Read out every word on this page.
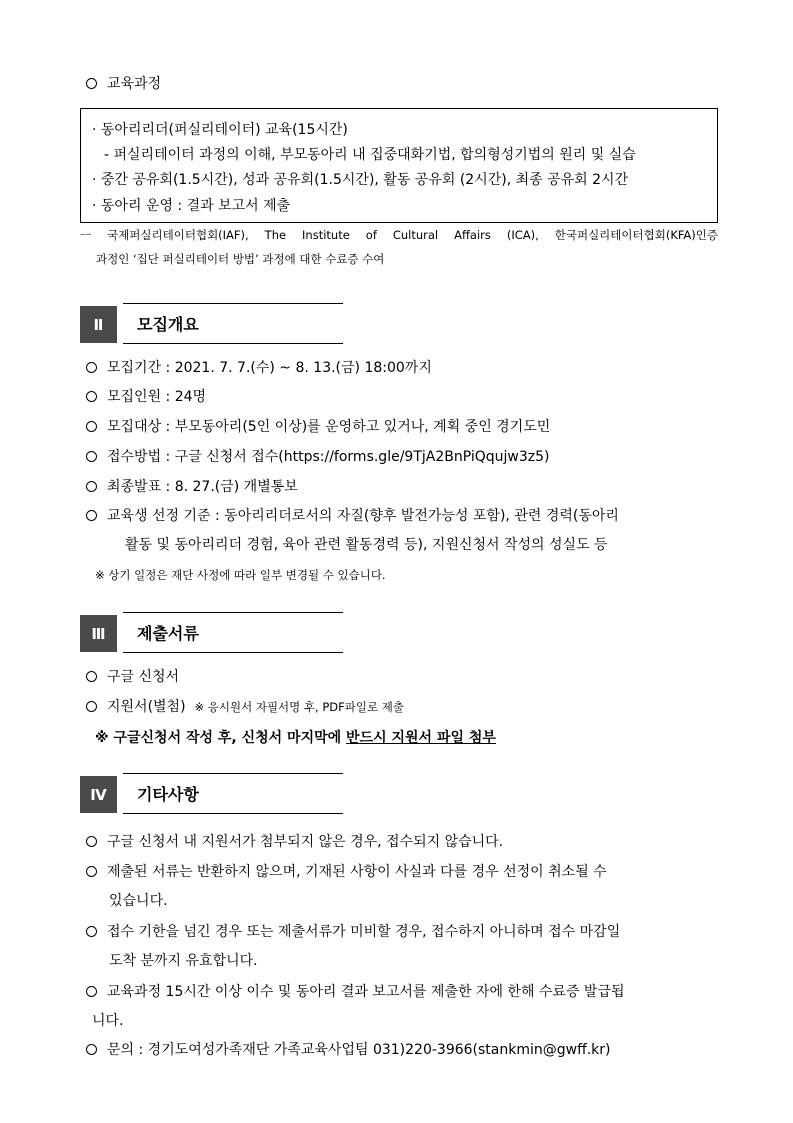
교육과정
· 동아리리더(퍼실리테이터) 교육(15시간)
- 퍼실리테이터 과정의 이해, 부모동아리 내 집중대화기법, 합의형성기법의 원리 및 실습
· 중간 공유회(1.5시간), 성과 공유회(1.5시간), 활동 공유회 (2시간), 최종 공유회 2시간
· 동아리 운영 : 결과 보고서 제출
ㅡ 국제퍼실리테이터협회(IAF), The Institute of Cultural Affairs (ICA), 한국퍼실리테이터협회(KFA)인증
과정인 ‘집단 퍼실리테이터 방법’ 과정에 대한 수료증 수여
Ⅱ	모집개요
모집기간 : 2021. 7. 7.(수) ~ 8. 13.(금) 18:00까지
모집인원 : 24명
모집대상 : 부모동아리(5인 이상)를 운영하고 있거나, 계획 중인 경기도민
접수방법 : 구글 신청서 접수(https://forms.gle/9TjA2BnPiQqujw3z5)
최종발표 : 8. 27.(금) 개별통보
교육생 선정 기준 : 동아리리더로서의 자질(향후 발전가능성 포함), 관련 경력(동아리
활동 및 동아리리더 경험, 육아 관련 활동경력 등), 지원신청서 작성의 성실도 등
※ 상기 일정은 재단 사정에 따라 일부 변경될 수 있습니다.
Ⅲ	제출서류
구글 신청서
지원서(별첨) ※ 응시원서 자필서명 후, PDF파일로 제출
※ 구글신청서 작성 후, 신청서 마지막에 반드시 지원서 파일 첨부
Ⅳ	기타사항
구글 신청서 내 지원서가 첨부되지 않은 경우, 접수되지 않습니다.
제출된 서류는 반환하지 않으며, 기재된 사항이 사실과 다를 경우 선정이 취소될 수
있습니다.
접수 기한을 넘긴 경우 또는 제출서류가 미비할 경우, 접수하지 아니하며 접수 마감일
도착 분까지 유효합니다.
교육과정 15시간 이상 이수 및 동아리 결과 보고서를 제출한 자에 한해 수료증 발급됩
니다.
문의 : 경기도여성가족재단 가족교육사업팀 031)220-3966(stankmin@gwff.kr)
